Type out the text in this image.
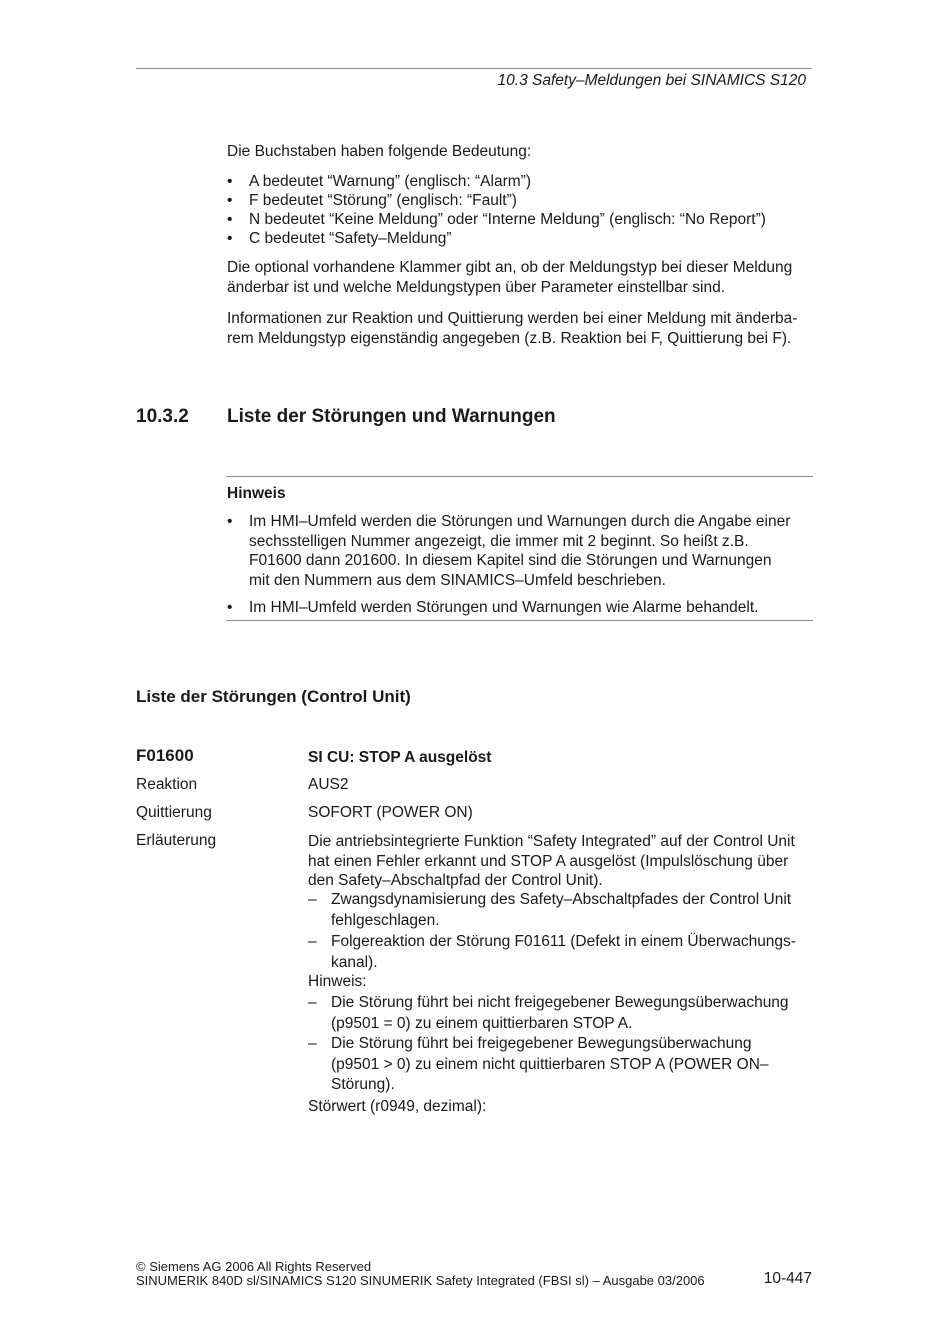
10.3 Safety–Meldungen bei SINAMICS S120
Die Buchstaben haben folgende Bedeutung:
• A bedeutet “Warnung” (englisch: “Alarm”)
• F bedeutet “Störung” (englisch: “Fault”)
• N bedeutet “Keine Meldung” oder “Interne Meldung” (englisch: “No Report”)
• C bedeutet “Safety–Meldung”
Die optional vorhandene Klammer gibt an, ob der Meldungstyp bei dieser Meldung
änderbar ist und welche Meldungstypen über Parameter einstellbar sind.
Informationen zur Reaktion und Quittierung werden bei einer Meldung mit änderba-
rem Meldungstyp eigenständig angegeben (z.B. Reaktion bei F, Quittierung bei F).
10.3.2 Liste der Störungen und Warnungen
Hinweis
• Im HMI–Umfeld werden die Störungen und Warnungen durch die Angabe einer
sechsstelligen Nummer angezeigt, die immer mit 2 beginnt. So heißt z.B.
F01600 dann 201600. In diesem Kapitel sind die Störungen und Warnungen
mit den Nummern aus dem SINAMICS–Umfeld beschrieben.
• Im HMI–Umfeld werden Störungen und Warnungen wie Alarme behandelt.
Liste der Störungen (Control Unit)
F01600	SI CU: STOP A ausgelöst
Reaktion	AUS2
Quittierung	SOFORT (POWER ON)
Erläuterung	Die antriebsintegrierte Funktion “Safety Integrated” auf der Control Unit
hat einen Fehler erkannt und STOP A ausgelöst (Impulslöschung über
den Safety–Abschaltpfad der Control Unit).
– Zwangsdynamisierung des Safety–Abschaltpfades der Control Unit
fehlgeschlagen.
– Folgereaktion der Störung F01611 (Defekt in einem Überwachungs-
kanal).
Hinweis:
– Die Störung führt bei nicht freigegebener Bewegungsüberwachung
(p9501 = 0) zu einem quittierbaren STOP A.
– Die Störung führt bei freigegebener Bewegungsüberwachung
(p9501 > 0) zu einem nicht quittierbaren STOP A (POWER ON–
Störung).
Störwert (r0949, dezimal):
© Siemens AG 2006 All Rights Reserved
SINUMERIK 840D sl/SINAMICS S120 SINUMERIK Safety Integrated (FBSI sl) – Ausgabe 03/2006	10-447
